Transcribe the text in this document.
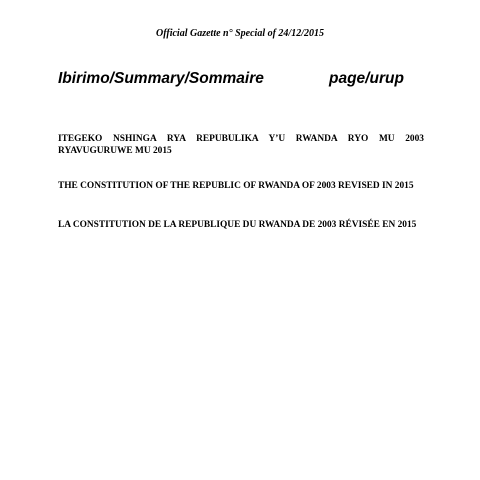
Official Gazette n° Special of 24/12/2015
Ibirimo/Summary/Sommaire	page/urup
ITEGEKO NSHINGA RYA REPUBULIKA Y’U RWANDA RYO MU 2003 RYAVUGURUWE MU 2015
THE CONSTITUTION OF THE REPUBLIC OF RWANDA OF 2003 REVISED IN 2015
LA CONSTITUTION DE LA REPUBLIQUE DU RWANDA DE 2003 RÉVISÉE EN 2015
